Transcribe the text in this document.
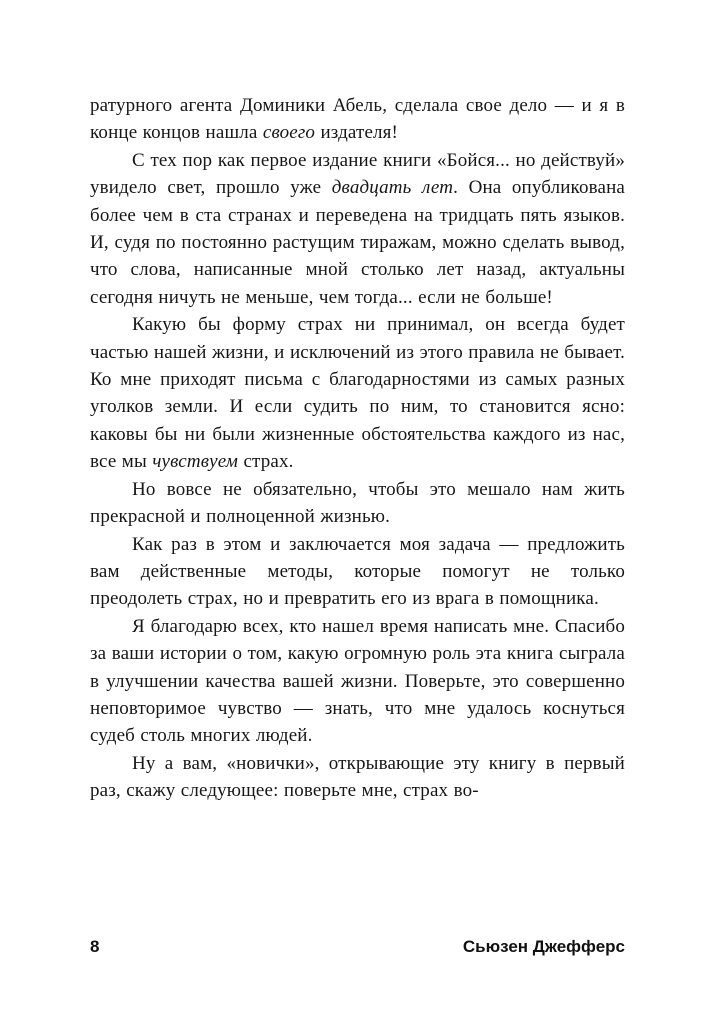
ратурного агента Доминики Абель, сделала свое дело — и я в конце концов нашла своего издателя!

С тех пор как первое издание книги «Бойся... но действуй» увидело свет, прошло уже двадцать лет. Она опубликована более чем в ста странах и переведена на тридцать пять языков. И, судя по постоянно растущим тиражам, можно сделать вывод, что слова, написанные мной столько лет назад, актуальны сегодня ничуть не меньше, чем тогда... если не больше!

Какую бы форму страх ни принимал, он всегда будет частью нашей жизни, и исключений из этого правила не бывает. Ко мне приходят письма с благодарностями из самых разных уголков земли. И если судить по ним, то становится ясно: каковы бы ни были жизненные обстоятельства каждого из нас, все мы чувствуем страх.

Но вовсе не обязательно, чтобы это мешало нам жить прекрасной и полноценной жизнью.

Как раз в этом и заключается моя задача — предложить вам действенные методы, которые помогут не только преодолеть страх, но и превратить его из врага в помощника.

Я благодарю всех, кто нашел время написать мне. Спасибо за ваши истории о том, какую огромную роль эта книга сыграла в улучшении качества вашей жизни. Поверьте, это совершенно неповторимое чувство — знать, что мне удалось коснуться судеб столь многих людей.

Ну а вам, «новички», открывающие эту книгу в первый раз, скажу следующее: поверьте мне, страх во-

8	Сьюзен Джефферс
